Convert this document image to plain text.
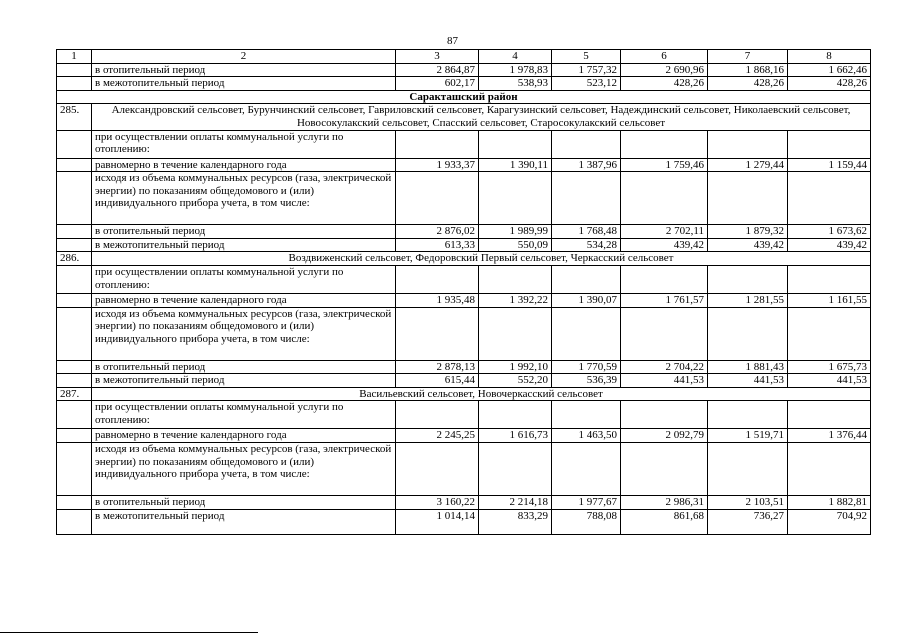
87
1	2	3	4	5	6	7	8
	в отопительный период	2 864,87	1 978,83	1 757,32	2 690,96	1 868,16	1 662,46
	в межотопительный период	602,17	538,93	523,12	428,26	428,26	428,26
Саракташский район							
285.	Александровский сельсовет, Бурунчинский сельсовет, Гавриловский сельсовет, Карагузинский сельсовет, Надеждинский сельсовет, Николаевский сельсовет, Новосокулакский сельсовет, Спасский сельсовет, Старосокулакский сельсовет						
	при осуществлении оплаты коммунальной услуги по отоплению:						
	равномерно в течение календарного года	1 933,37	1 390,11	1 387,96	1 759,46	1 279,44	1 159,44
	исходя из объема коммунальных ресурсов (газа, электрической энергии) по показаниям общедомового и (или) индивидуального прибора учета, в том числе:						
	в отопительный период	2 876,02	1 989,99	1 768,48	2 702,11	1 879,32	1 673,62
	в межотопительный период	613,33	550,09	534,28	439,42	439,42	439,42
286.	Воздвиженский сельсовет, Федоровский Первый сельсовет, Черкасский сельсовет						
	при осуществлении оплаты коммунальной услуги по отоплению:						
	равномерно в течение календарного года	1 935,48	1 392,22	1 390,07	1 761,57	1 281,55	1 161,55
	исходя из объема коммунальных ресурсов (газа, электрической энергии) по показаниям общедомового и (или) индивидуального прибора учета, в том числе:						
	в отопительный период	2 878,13	1 992,10	1 770,59	2 704,22	1 881,43	1 675,73
	в межотопительный период	615,44	552,20	536,39	441,53	441,53	441,53
287.	Васильевский сельсовет, Новочеркасский сельсовет						
	при осуществлении оплаты коммунальной услуги по отоплению:						
	равномерно в течение календарного года	2 245,25	1 616,73	1 463,50	2 092,79	1 519,71	1 376,44
	исходя из объема коммунальных ресурсов (газа, электрической энергии) по показаниям общедомового и (или) индивидуального прибора учета, в том числе:						
	в отопительный период	3 160,22	2 214,18	1 977,67	2 986,31	2 103,51	1 882,81
	в межотопительный период	1 014,14	833,29	788,08	861,68	736,27	704,92
